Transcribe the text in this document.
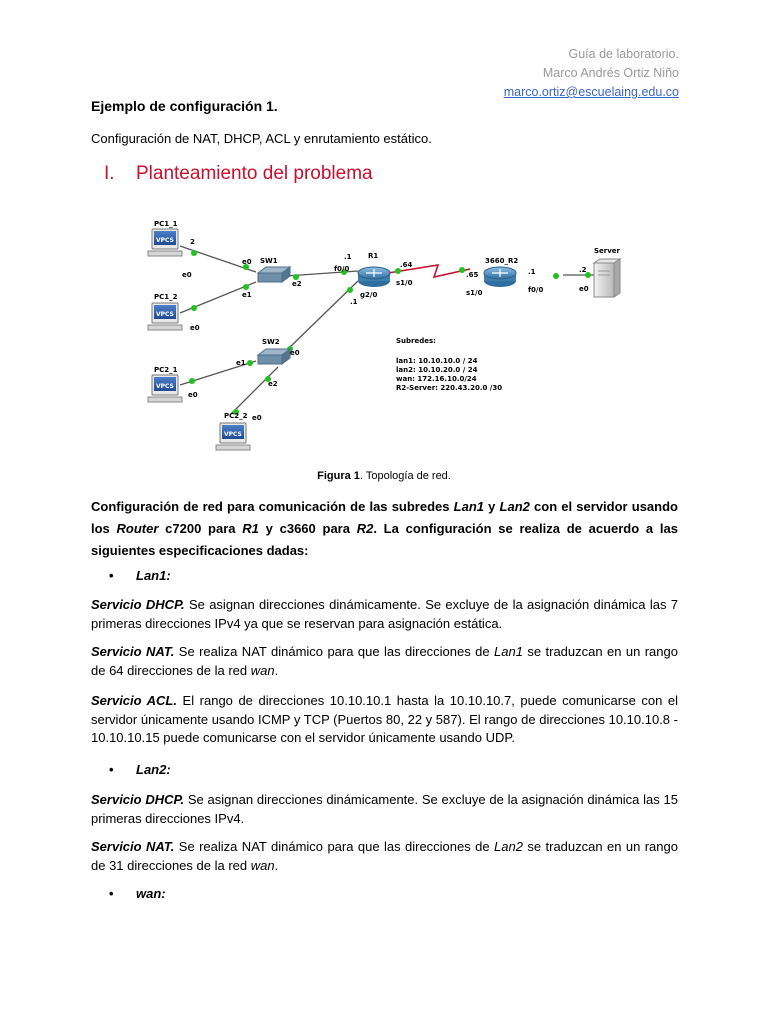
Guía de laboratorio.
Marco Andrés Ortiz Niño
marco.ortiz@escuelaing.edu.co
Ejemplo de configuración 1.
Configuración de NAT, DHCP, ACL y enrutamiento estático.
I. Planteamiento del problema
VPCS
VPCS
VPCS
VPCS
PC1_1
PC1_2
PC2_1
PC2_2
2
e0
e0 SW1
e1
e2
e0
.1 R1
f0/0	.64
s1/0
g2/0
.1
3660_R2
.65
s1/0
.1
f0/0
Server
.2
e0
SW2
e0
e1
e2
e0
e0
Subredes:
lan1: 10.10.10.0 / 24
lan2: 10.10.20.0 / 24
wan: 172.16.10.0/24
R2-Server: 220.43.20.0 /30
Figura 1. Topología de red.
Configuración de red para comunicación de las subredes Lan1 y Lan2 con el servidor usando los Router c7200 para R1 y c3660 para R2. La configuración se realiza de acuerdo a las siguientes especificaciones dadas:
• Lan1:
Servicio DHCP. Se asignan direcciones dinámicamente. Se excluye de la asignación dinámica las 7 primeras direcciones IPv4 ya que se reservan para asignación estática.
Servicio NAT. Se realiza NAT dinámico para que las direcciones de Lan1 se traduzcan en un rango de 64 direcciones de la red wan.
Servicio ACL. El rango de direcciones 10.10.10.1 hasta la 10.10.10.7, puede comunicarse con el servidor únicamente usando ICMP y TCP (Puertos 80, 22 y 587). El rango de direcciones 10.10.10.8 - 10.10.10.15 puede comunicarse con el servidor únicamente usando UDP.
• Lan2:
Servicio DHCP. Se asignan direcciones dinámicamente. Se excluye de la asignación dinámica las 15 primeras direcciones IPv4.
Servicio NAT. Se realiza NAT dinámico para que las direcciones de Lan2 se traduzcan en un rango de 31 direcciones de la red wan.
• wan:
